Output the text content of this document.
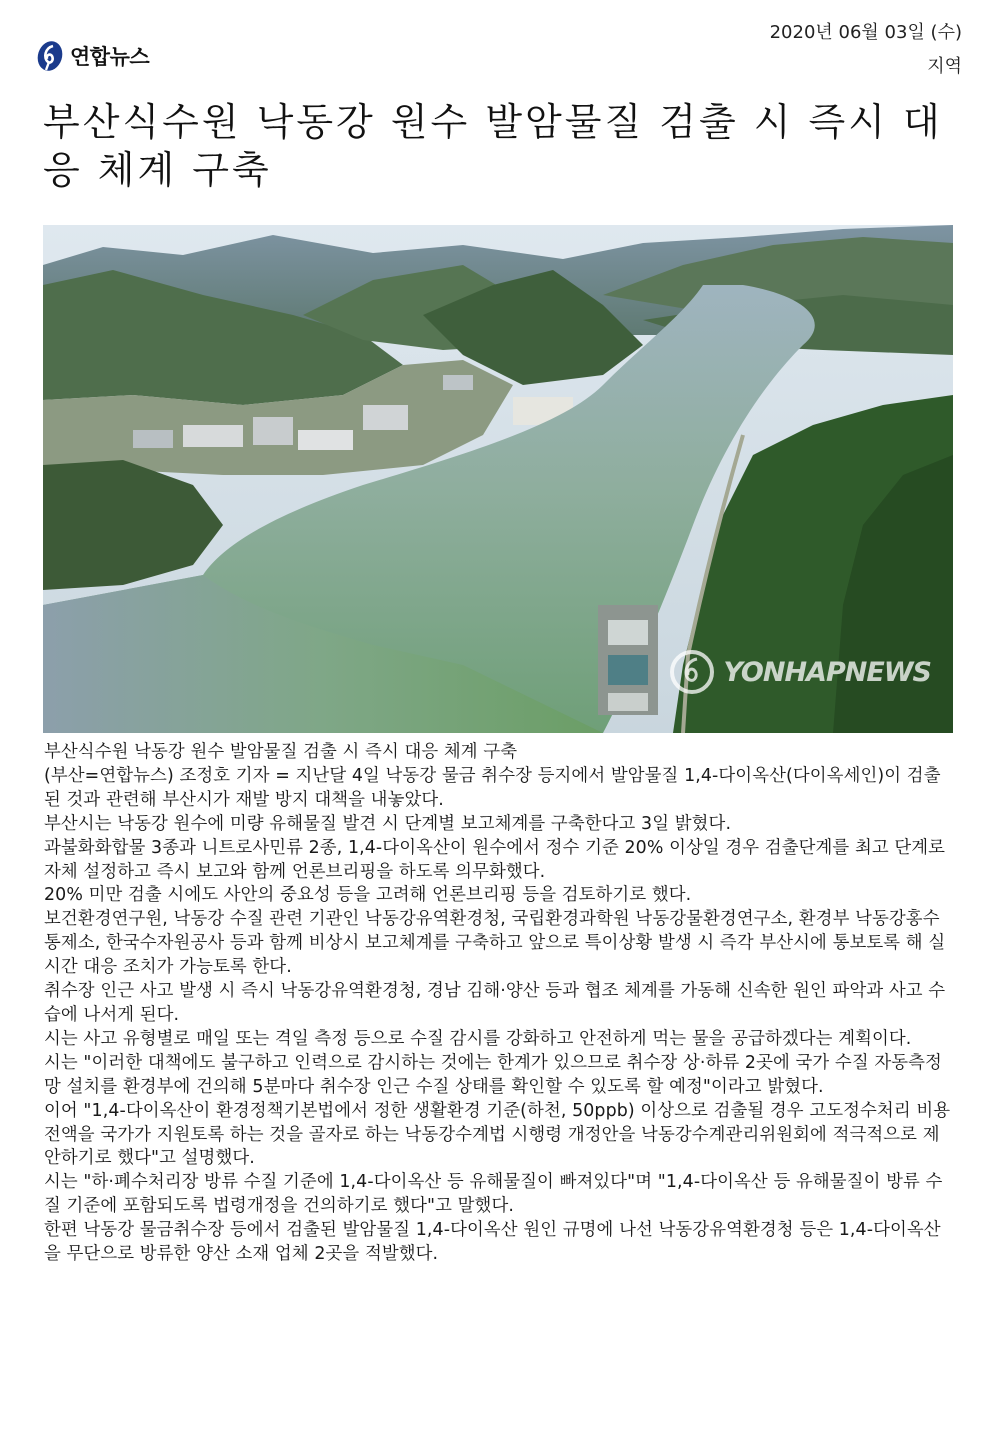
연합뉴스
2020년 06월 03일 (수)
지역
부산식수원 낙동강 원수 발암물질 검출 시 즉시 대응 체계 구축
YONHAPNEWS

부산식수원 낙동강 원수 발암물질 검출 시 즉시 대응 체계 구축

(부산=연합뉴스) 조정호 기자 = 지난달 4일 낙동강 물금 취수장 등지에서 발암물질 1,4-다이옥산(다이옥세인)이 검출된 것과 관련해 부산시가 재발 방지 대책을 내놓았다.

부산시는 낙동강 원수에 미량 유해물질 발견 시 단계별 보고체계를 구축한다고 3일 밝혔다.

과불화화합물 3종과 니트로사민류 2종, 1,4-다이옥산이 원수에서 정수 기준 20% 이상일 경우 검출단계를 최고 단계로 자체 설정하고 즉시 보고와 함께 언론브리핑을 하도록 의무화했다.

20% 미만 검출 시에도 사안의 중요성 등을 고려해 언론브리핑 등을 검토하기로 했다.

보건환경연구원, 낙동강 수질 관련 기관인 낙동강유역환경청, 국립환경과학원 낙동강물환경연구소, 환경부 낙동강홍수통제소, 한국수자원공사 등과 함께 비상시 보고체계를 구축하고 앞으로 특이상황 발생 시 즉각 부산시에 통보토록 해 실시간 대응 조치가 가능토록 한다.

취수장 인근 사고 발생 시 즉시 낙동강유역환경청, 경남 김해·양산 등과 협조 체계를 가동해 신속한 원인 파악과 사고 수습에 나서게 된다.

시는 사고 유형별로 매일 또는 격일 측정 등으로 수질 감시를 강화하고 안전하게 먹는 물을 공급하겠다는 계획이다.

시는 "이러한 대책에도 불구하고 인력으로 감시하는 것에는 한계가 있으므로 취수장 상·하류 2곳에 국가 수질 자동측정망 설치를 환경부에 건의해 5분마다 취수장 인근 수질 상태를 확인할 수 있도록 할 예정"이라고 밝혔다.

이어 "1,4-다이옥산이 환경정책기본법에서 정한 생활환경 기준(하천, 50ppb) 이상으로 검출될 경우 고도정수처리 비용 전액을 국가가 지원토록 하는 것을 골자로 하는 낙동강수계법 시행령 개정안을 낙동강수계관리위원회에 적극적으로 제안하기로 했다"고 설명했다.

시는 "하·폐수처리장 방류 수질 기준에 1,4-다이옥산 등 유해물질이 빠져있다"며 "1,4-다이옥산 등 유해물질이 방류 수질 기준에 포함되도록 법령개정을 건의하기로 했다"고 말했다.

한편 낙동강 물금취수장 등에서 검출된 발암물질 1,4-다이옥산 원인 규명에 나선 낙동강유역환경청 등은 1,4-다이옥산을 무단으로 방류한 양산 소재 업체 2곳을 적발했다.
